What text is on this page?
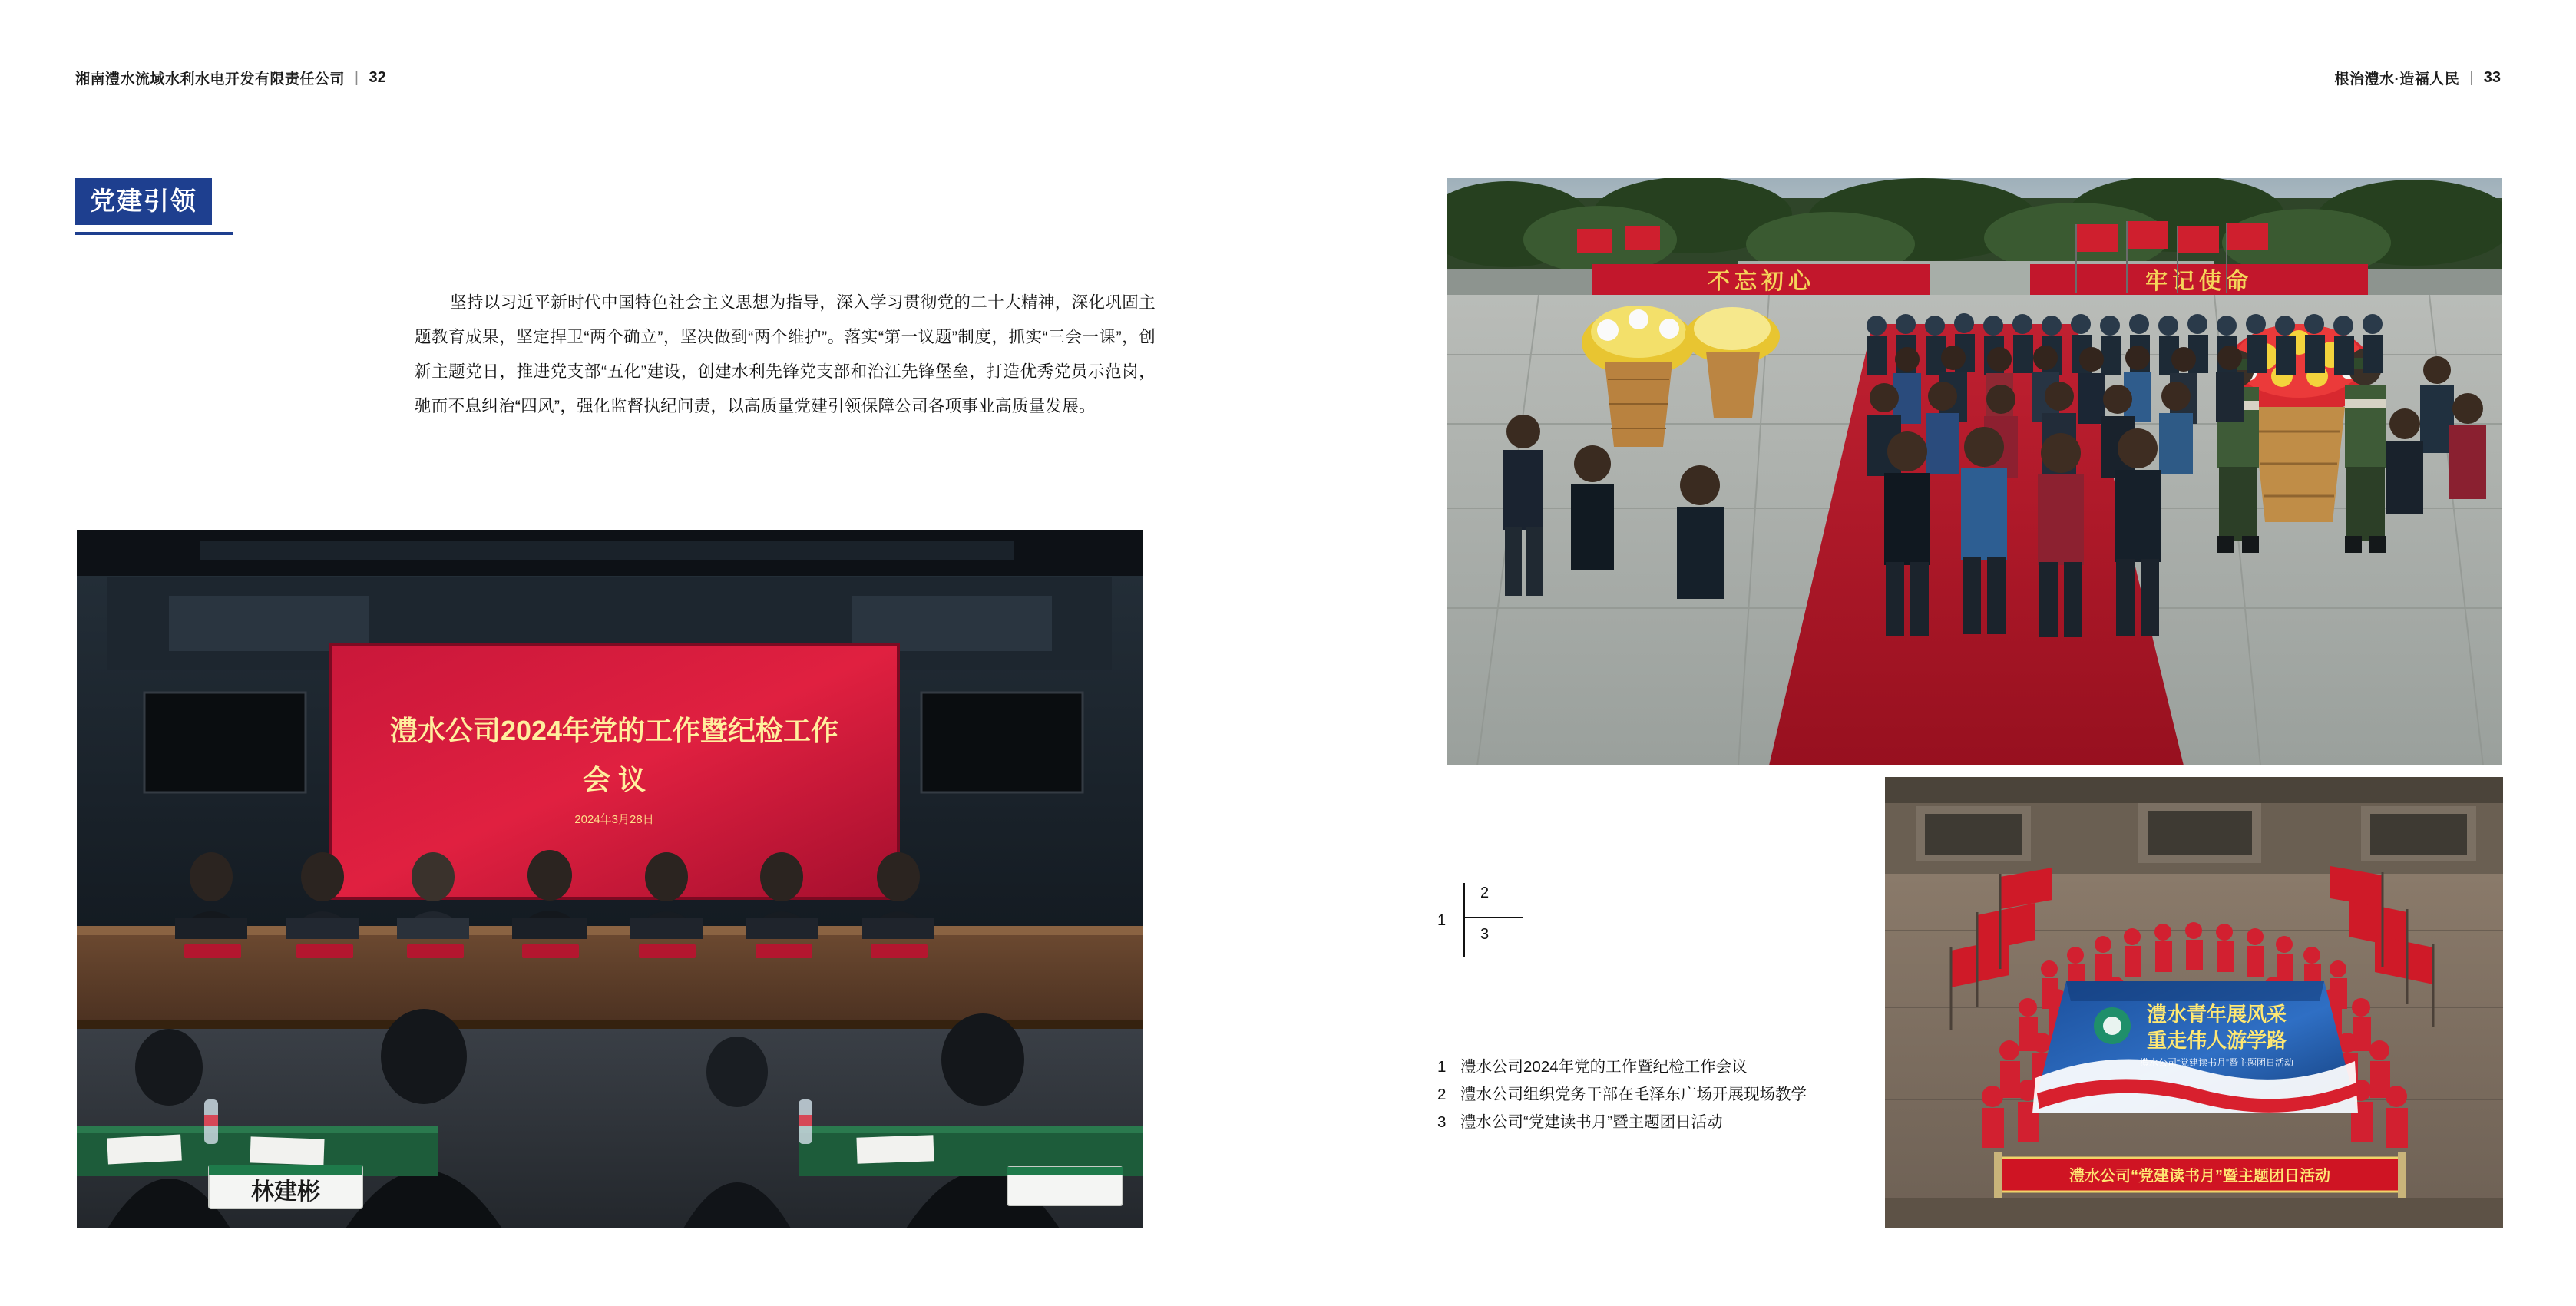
湘南澧水流域水利水电开发有限责任公司 | 32	根治澧水·造福人民 | 33
党建引领
坚持以习近平新时代中国特色社会主义思想为指导，深入学习贯彻党的二十大精神，深化巩固主题教育成果，坚定捍卫“两个确立”，坚决做到“两个维护”。落实“第一议题”制度，抓实“三会一课”，创新主题党日，推进党支部“五化”建设，创建水利先锋党支部和治江先锋堡垒，打造优秀党员示范岗，驰而不息纠治“四风”，强化监督执纪问责，以高质量党建引领保障公司各项事业高质量发展。
澧水公司2024年党的工作暨纪检工作
会 议
2024年3月28日
林建彬
不忘初心	牢记使命
澧水青年展风采
重走伟人游学路
澧水公司“党建读书月”暨主题团日活动
澧水公司“党建读书月”暨主题团日活动
1
2
3
1 澧水公司2024年党的工作暨纪检工作会议
2 澧水公司组织党务干部在毛泽东广场开展现场教学
3 澧水公司“党建读书月”暨主题团日活动
